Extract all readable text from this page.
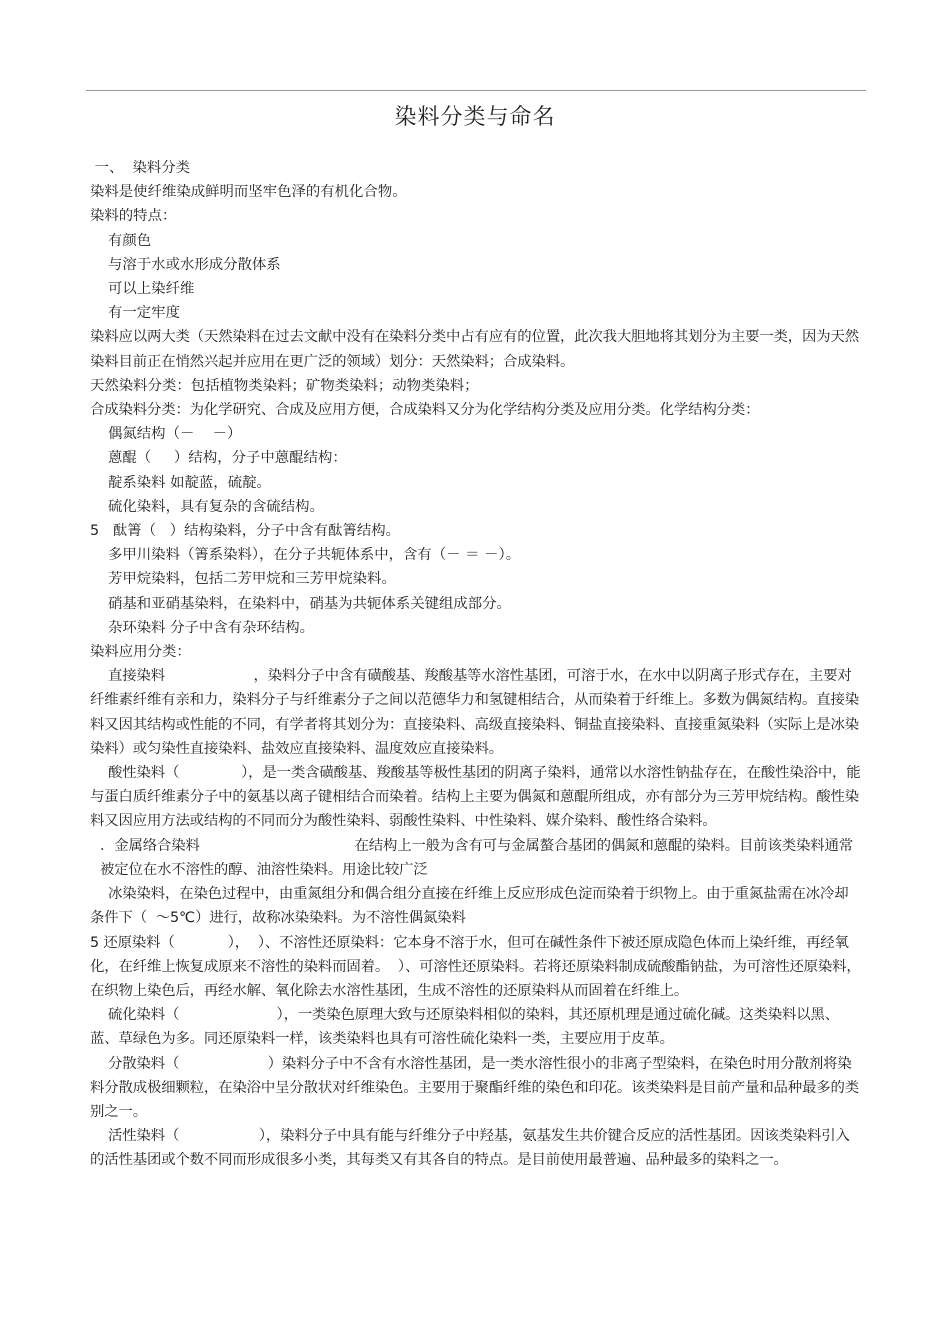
染料分类与命名

一、  染料分类

染料是使纤维染成鲜明而坚牢色泽的有机化合物。

染料的特点：

有颜色

与溶于水或水形成分散体系

可以上染纤维

有一定牢度

染料应以两大类（天然染料在过去文献中没有在染料分类中占有应有的位置，此次我大胆地将其划分为主要一类，因为天然染料目前正在悄然兴起并应用在更广泛的领域）划分：天然染料；合成染料。

天然染料分类：包括植物类染料；矿物类染料；动物类染料；

合成染料分类：为化学研究、合成及应用方便，合成染料又分为化学结构分类及应用分类。化学结构分类：

偶氮结构（－    －）

蒽醌（     ）结构，分子中蒽醌结构：

靛系染料 如靛蓝，硫靛。

硫化染料，具有复杂的含硫结构。

5   酞箐（   ）结构染料，分子中含有酞箐结构。

多甲川染料（箐系染料），在分子共轭体系中，含有（－ ＝ －）。

芳甲烷染料，包括二芳甲烷和三芳甲烷染料。

硝基和亚硝基染料，在染料中，硝基为共轭体系关键组成部分。

杂环染料 分子中含有杂环结构。

染料应用分类：

直接染料                    ，染料分子中含有磺酸基、羧酸基等水溶性基团，可溶于水，在水中以阴离子形式存在，主要对纤维素纤维有亲和力，染料分子与纤维素分子之间以范德华力和氢键相结合，从而染着于纤维上。多数为偶氮结构。直接染料又因其结构或性能的不同，有学者将其划分为：直接染料、高级直接染料、铜盐直接染料、直接重氮染料（实际上是冰染染料）或匀染性直接染料、盐效应直接染料、温度效应直接染料。

酸性染料（              ），是一类含磺酸基、羧酸基等极性基团的阴离子染料，通常以水溶性钠盐存在，在酸性染浴中，能与蛋白质纤维素分子中的氨基以离子键相结合而染着。结构上主要为偶氮和蒽醌所组成，亦有部分为三芳甲烷结构。酸性染料又因应用方法或结构的不同而分为酸性染料、弱酸性染料、中性染料、媒介染料、酸性络合染料。

．金属络合染料                                   在结构上一般为含有可与金属螯合基团的偶氮和蒽醌的染料。目前该类染料通常被定位在水不溶性的醇、油溶性染料。用途比较广泛

冰染染料，在染色过程中，由重氮组分和偶合组分直接在纤维上反应形成色淀而染着于织物上。由于重氮盐需在冰冷却条件下（  ～5℃）进行，故称冰染染料。为不溶性偶氮染料

5 还原染料（            ），  ）、不溶性还原染料：它本身不溶于水，但可在碱性条件下被还原成隐色体而上染纤维，再经氧化，在纤维上恢复成原来不溶性的染料而固着。  ）、可溶性还原染料。若将还原染料制成硫酸酯钠盐，为可溶性还原染料，在织物上染色后，再经水解、氧化除去水溶性基团，生成不溶性的还原染料从而固着在纤维上。

硫化染料（                      ），一类染色原理大致与还原染料相似的染料，其还原机理是通过硫化碱。这类染料以黑、蓝、草绿色为多。同还原染料一样，该类染料也具有可溶性硫化染料一类，主要应用于皮革。

分散染料（                    ）染料分子中不含有水溶性基团，是一类水溶性很小的非离子型染料，在染色时用分散剂将染料分散成极细颗粒，在染浴中呈分散状对纤维染色。主要用于聚酯纤维的染色和印花。该类染料是目前产量和品种最多的类别之一。

活性染料（                  ），染料分子中具有能与纤维分子中羟基，氨基发生共价键合反应的活性基团。因该类染料引入的活性基团或个数不同而形成很多小类，其每类又有其各自的特点。是目前使用最普遍、品种最多的染料之一。
